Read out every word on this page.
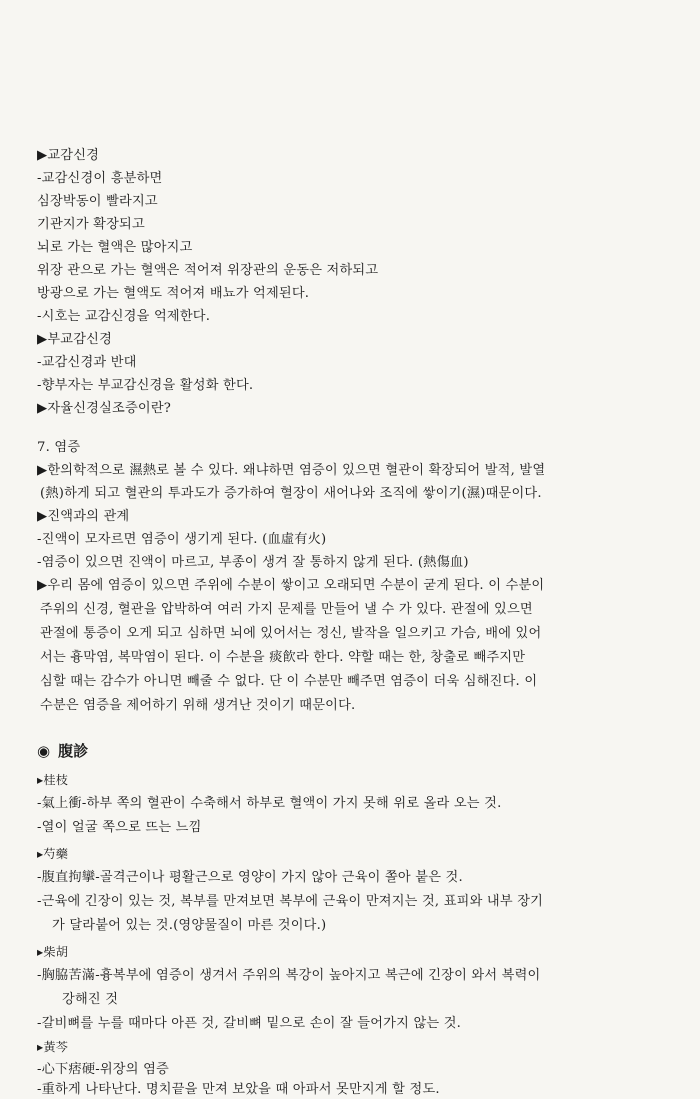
▶교감신경
-교감신경이 흥분하면
심장박동이 빨라지고
기관지가 확장되고
뇌로 가는 혈액은 많아지고
위장 관으로 가는 혈액은 적어져 위장관의 운동은 저하되고
방광으로 가는 혈액도 적어져 배뇨가 억제된다.
-시호는 교감신경을 억제한다.
▶부교감신경
-교감신경과 반대
-향부자는 부교감신경을 활성화 한다.
▶자율신경실조증이란?
7. 염증
▶한의학적으로 濕熱로 볼 수 있다. 왜냐하면 염증이 있으면 혈관이 확장되어 발적, 발열
(熱)하게 되고 혈관의 투과도가 증가하여 혈장이 새어나와 조직에 쌓이기(濕)때문이다.
▶진액과의 관계
-진액이 모자르면 염증이 생기게 된다. (血虛有火)
-염증이 있으면 진액이 마르고, 부종이 생겨 잘 통하지 않게 된다. (熱傷血)
▶우리 몸에 염증이 있으면 주위에 수분이 쌓이고 오래되면 수분이 굳게 된다. 이 수분이
주위의 신경, 혈관을 압박하여 여러 가지 문제를 만들어 낼 수 가 있다. 관절에 있으면
관절에 통증이 오게 되고 심하면 뇌에 있어서는 정신, 발작을 일으키고 가슴, 배에 있어
서는 흉막염, 복막염이 된다. 이 수분을 痰飮라 한다. 약할 때는 한, 창출로 빼주지만
심할 때는 감수가 아니면 빼줄 수 없다. 단 이 수분만 빼주면 염증이 더욱 심해진다. 이
수분은 염증을 제어하기 위해 생겨난 것이기 때문이다.
◉ 腹診
▸桂枝
-氣上衝-하부 쪽의 혈관이 수축해서 하부로 혈액이 가지 못해 위로 올라 오는 것.
-열이 얼굴 쪽으로 뜨는 느낌
▸芍藥
-腹直拘攣-골격근이나 평활근으로 영양이 가지 않아 근육이 쫄아 붙은 것.
-근육에 긴장이 있는 것, 복부를 만져보면 복부에 근육이 만져지는 것, 표피와 내부 장기
가 달라붙어 있는 것.(영양물질이 마른 것이다.)
▸柴胡
-胸脇苦滿-흉복부에 염증이 생겨서 주위의 복강이 높아지고 복근에 긴장이 와서 복력이
강해진 것
-갈비뼈를 누를 때마다 아픈 것, 갈비뼈 밑으로 손이 잘 들어가지 않는 것.
▸黃芩
-心下痞硬-위장의 염증
-重하게 나타난다. 명치끝을 만져 보았을 때 아파서 못만지게 할 정도.
